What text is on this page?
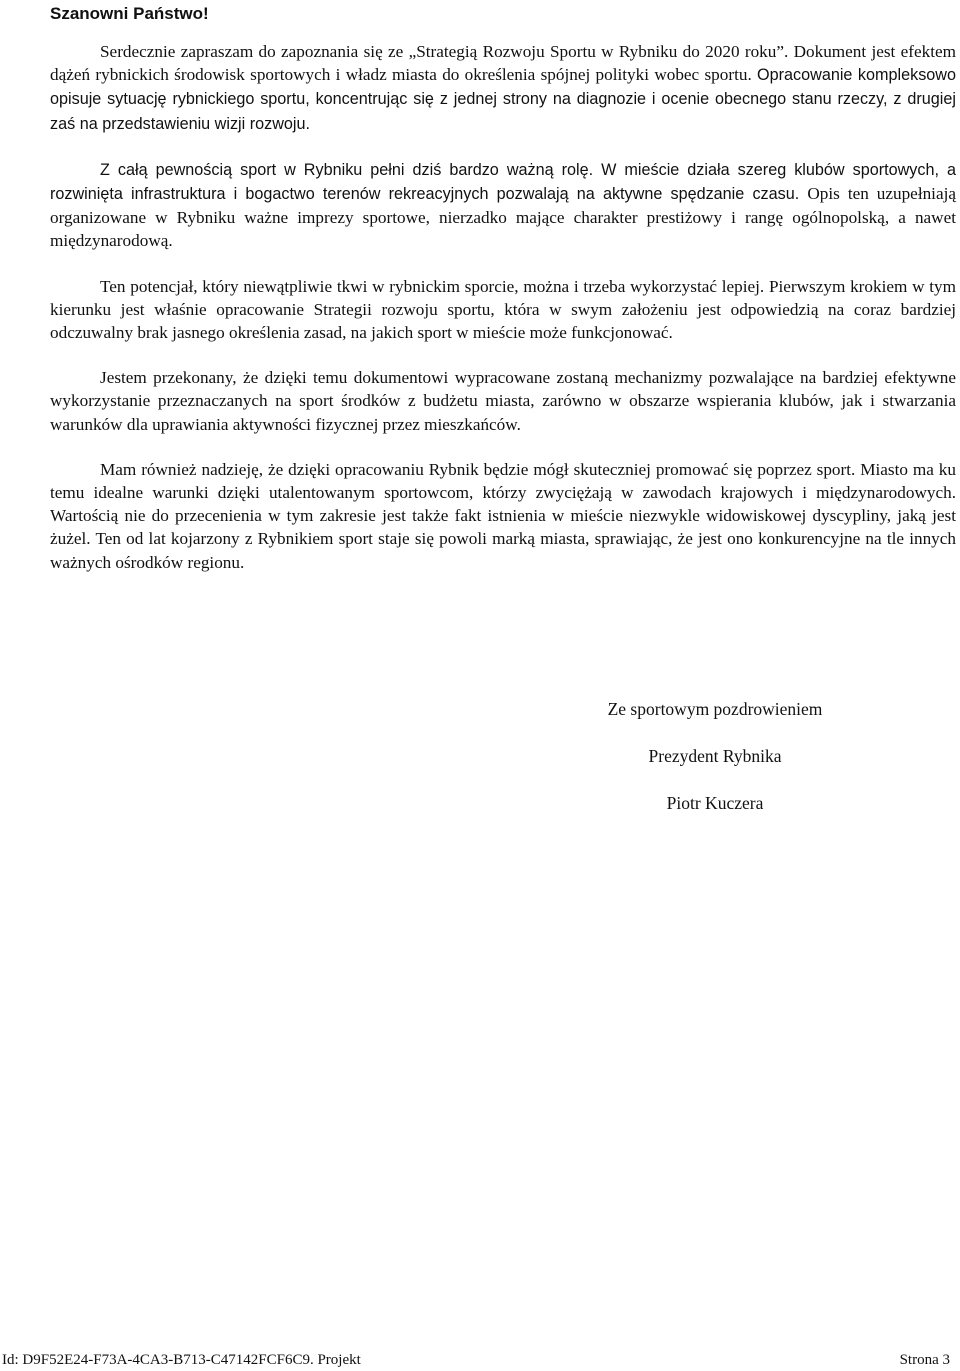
Szanowni Państwo!

Serdecznie zapraszam do zapoznania się ze „Strategią Rozwoju Sportu w Rybniku do 2020 roku”. Dokument jest efektem dążeń rybnickich środowisk sportowych i władz miasta do określenia spójnej polityki wobec sportu. Opracowanie kompleksowo opisuje sytuację rybnickiego sportu, koncentrując się z jednej strony na diagnozie i ocenie obecnego stanu rzeczy, z drugiej zaś na przedstawieniu wizji rozwoju.

Z całą pewnością sport w Rybniku pełni dziś bardzo ważną rolę. W mieście działa szereg klubów sportowych, a rozwinięta infrastruktura i bogactwo terenów rekreacyjnych pozwalają na aktywne spędzanie czasu. Opis ten uzupełniają organizowane w Rybniku ważne imprezy sportowe, nierzadko mające charakter prestiżowy i rangę ogólnopolską, a nawet międzynarodową.

Ten potencjał, który niewątpliwie tkwi w rybnickim sporcie, można i trzeba wykorzystać lepiej. Pierwszym krokiem w tym kierunku jest właśnie opracowanie Strategii rozwoju sportu, która w swym założeniu jest odpowiedzią na coraz bardziej odczuwalny brak jasnego określenia zasad, na jakich sport w mieście może funkcjonować.

Jestem przekonany, że dzięki temu dokumentowi wypracowane zostaną mechanizmy pozwalające na bardziej efektywne wykorzystanie przeznaczanych na sport środków z budżetu miasta, zarówno w obszarze wspierania klubów, jak i stwarzania warunków dla uprawiania aktywności fizycznej przez mieszkańców.

Mam również nadzieję, że dzięki opracowaniu Rybnik będzie mógł skuteczniej promować się poprzez sport. Miasto ma ku temu idealne warunki dzięki utalentowanym sportowcom, którzy zwyciężają w zawodach krajowych i międzynarodowych. Wartością nie do przecenienia w tym zakresie jest także fakt istnienia w mieście niezwykle widowiskowej dyscypliny, jaką jest żużel. Ten od lat kojarzony z Rybnikiem sport staje się powoli marką miasta, sprawiając, że jest ono konkurencyjne na tle innych ważnych ośrodków regionu.

Ze sportowym pozdrowieniem

Prezydent Rybnika

Piotr Kuczera

Id: D9F52E24-F73A-4CA3-B713-C47142FCF6C9. Projekt	Strona 3
